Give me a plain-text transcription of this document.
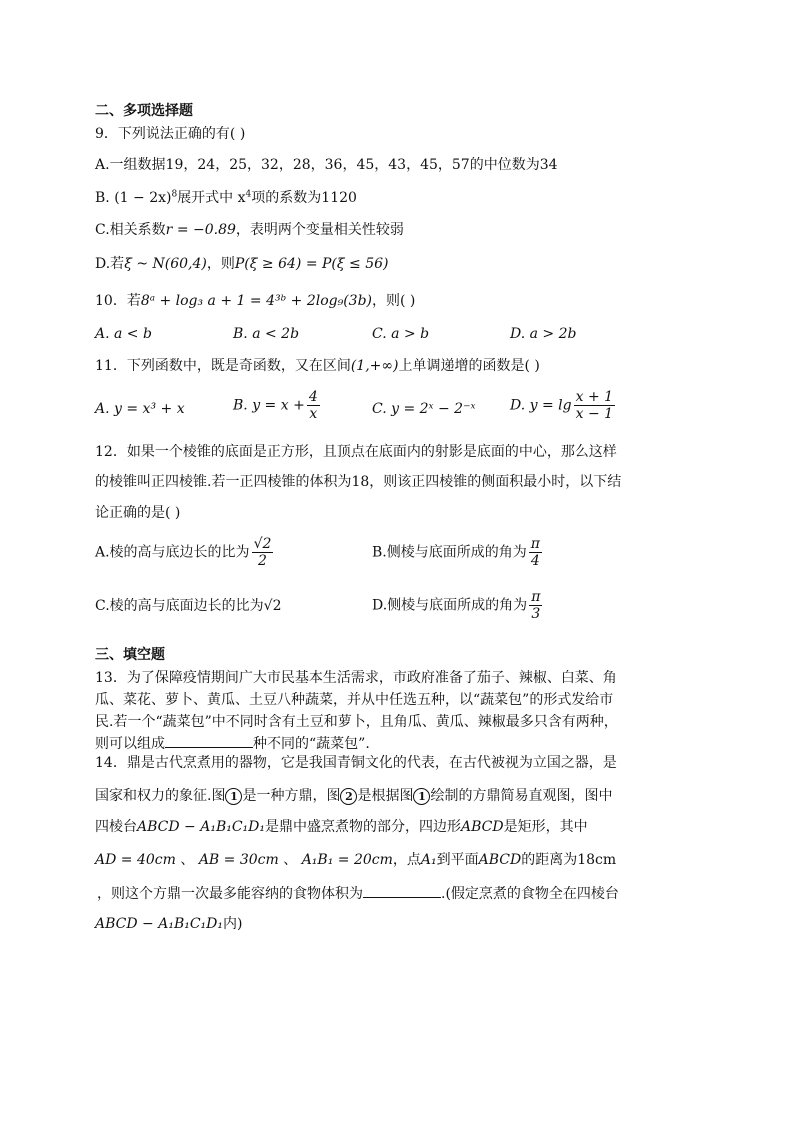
二、多项选择题
9．下列说法正确的有( )
A.一组数据19，24，25，32，28，36，45，43，45，57的中位数为34
B. $(1 - 2x)^8$展开式中 $x^4$项的系数为1120
C.相关系数r = −0.89，表明两个变量相关性较弱
D.若ξ ~ N(60,4)，则P(ξ ≥ 64) = P(ξ ≤ 56)
10．若8ᵃ + log₃ a + 1 = 4³ᵇ + 2log₉(3b)，则( )
A. a < b	B. a < 2b	C. a > b	D. a > 2b
11．下列函数中，既是奇函数，又在区间(1,+∞)上单调递增的函数是( )
A. y = x³ + x	B. $y = x + \frac{4}{x}$	C. y = 2ˣ − 2⁻ˣ D. $y = \lg \frac{x + 1}{x - 1}$
12．如果一个棱锥的底面是正方形，且顶点在底面内的射影是底面的中心，那么这样
的棱锥叫正四棱锥.若一正四棱锥的体积为18，则该正四棱锥的侧面积最小时，以下结
论正确的是( )
A.棱的高与底边长的比为 $\frac{√2}{2}$	B.侧棱与底面所成的角为 $\frac{\pi}{4}$
C.棱的高与底面边长的比为√2	D.侧棱与底面所成的角为 $\frac{\pi}{3}$
三、填空题
13．为了保障疫情期间广大市民基本生活需求，市政府准备了茄子、辣椒、白菜、角
瓜、菜花、萝卜、黄瓜、土豆八种蔬菜，并从中任选五种，以“蔬菜包”的形式发给市
民.若一个“蔬菜包”中不同时含有土豆和萝卜，且角瓜、黄瓜、辣椒最多只含有两种，
则可以组成	种不同的“蔬菜包”.
14．鼎是古代烹煮用的器物，它是我国青铜文化的代表，在古代被视为立国之器，是
国家和权力的象征.图 1 是一种方鼎，图 2 是根据图 1 绘制的方鼎简易直观图，图中
四棱台ABCD − A₁B₁C₁D₁是鼎中盛烹煮物的部分，四边形ABCD是矩形，其中
AD = 40cm 、 AB = 30cm 、 A₁B₁ = 20cm，点A₁到平面ABCD的距离为18cm
，则这个方鼎一次最多能容纳的食物体积为	.(假定烹煮的食物全在四棱台
ABCD − A₁B₁C₁D₁内)
